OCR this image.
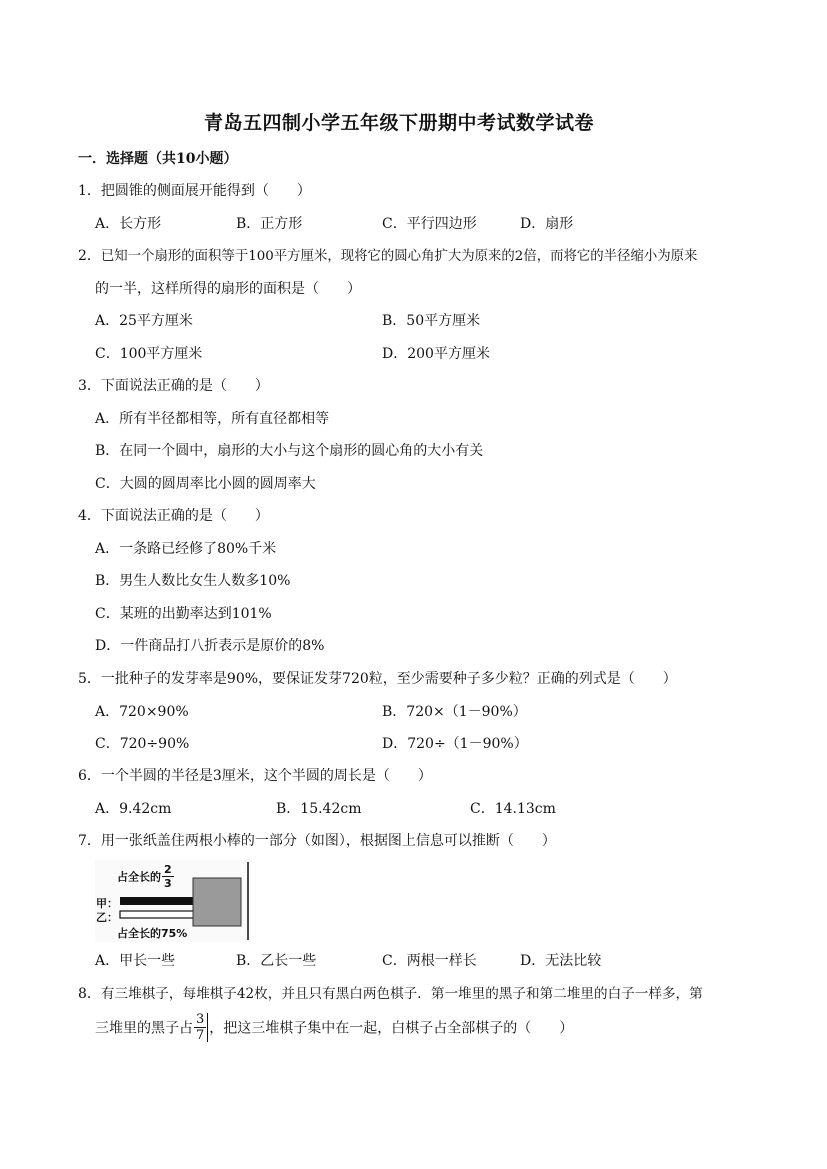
青岛五四制小学五年级下册期中考试数学试卷
一．选择题（共10小题）
1．把圆锥的侧面展开能得到（　　）
A．长方形	B．正方形	C．平行四边形	D．扇形
2．已知一个扇形的面积等于100平方厘米，现将它的圆心角扩大为原来的2倍，而将它的半径缩小为原来
的一半，这样所得的扇形的面积是（　　）
A．25平方厘米	B．50平方厘米
C．100平方厘米	D．200平方厘米
3．下面说法正确的是（　　）
A．所有半径都相等，所有直径都相等
B．在同一个圆中，扇形的大小与这个扇形的圆心角的大小有关
C．大圆的圆周率比小圆的圆周率大
4．下面说法正确的是（　　）
A．一条路已经修了80%千米
B．男生人数比女生人数多10%
C．某班的出勤率达到101%
D．一件商品打八折表示是原价的8%
5．一批种子的发芽率是90%，要保证发芽720粒，至少需要种子多少粒？正确的列式是（　　）
A．720×90%	B．720×（1－90%）
C．720÷90%	D．720÷（1－90%）
6．一个半圆的半径是3厘米，这个半圆的周长是（　　）
A．9.42cm	B．15.42cm	C．14.13cm
7．用一张纸盖住两根小棒的一部分（如图），根据图上信息可以推断（　　）
占全长的 $\frac{2}{3}$
甲：
乙：
占全长的75%
A．甲长一些	B．乙长一些	C．两根一样长	D．无法比较
8．有三堆棋子，每堆棋子42枚，并且只有黑白两色棋子．第一堆里的黑子和第二堆里的白子一样多，第
三堆里的黑子占 $\frac{3}{7}$ ，把这三堆棋子集中在一起，白棋子占全部棋子的（　　）
